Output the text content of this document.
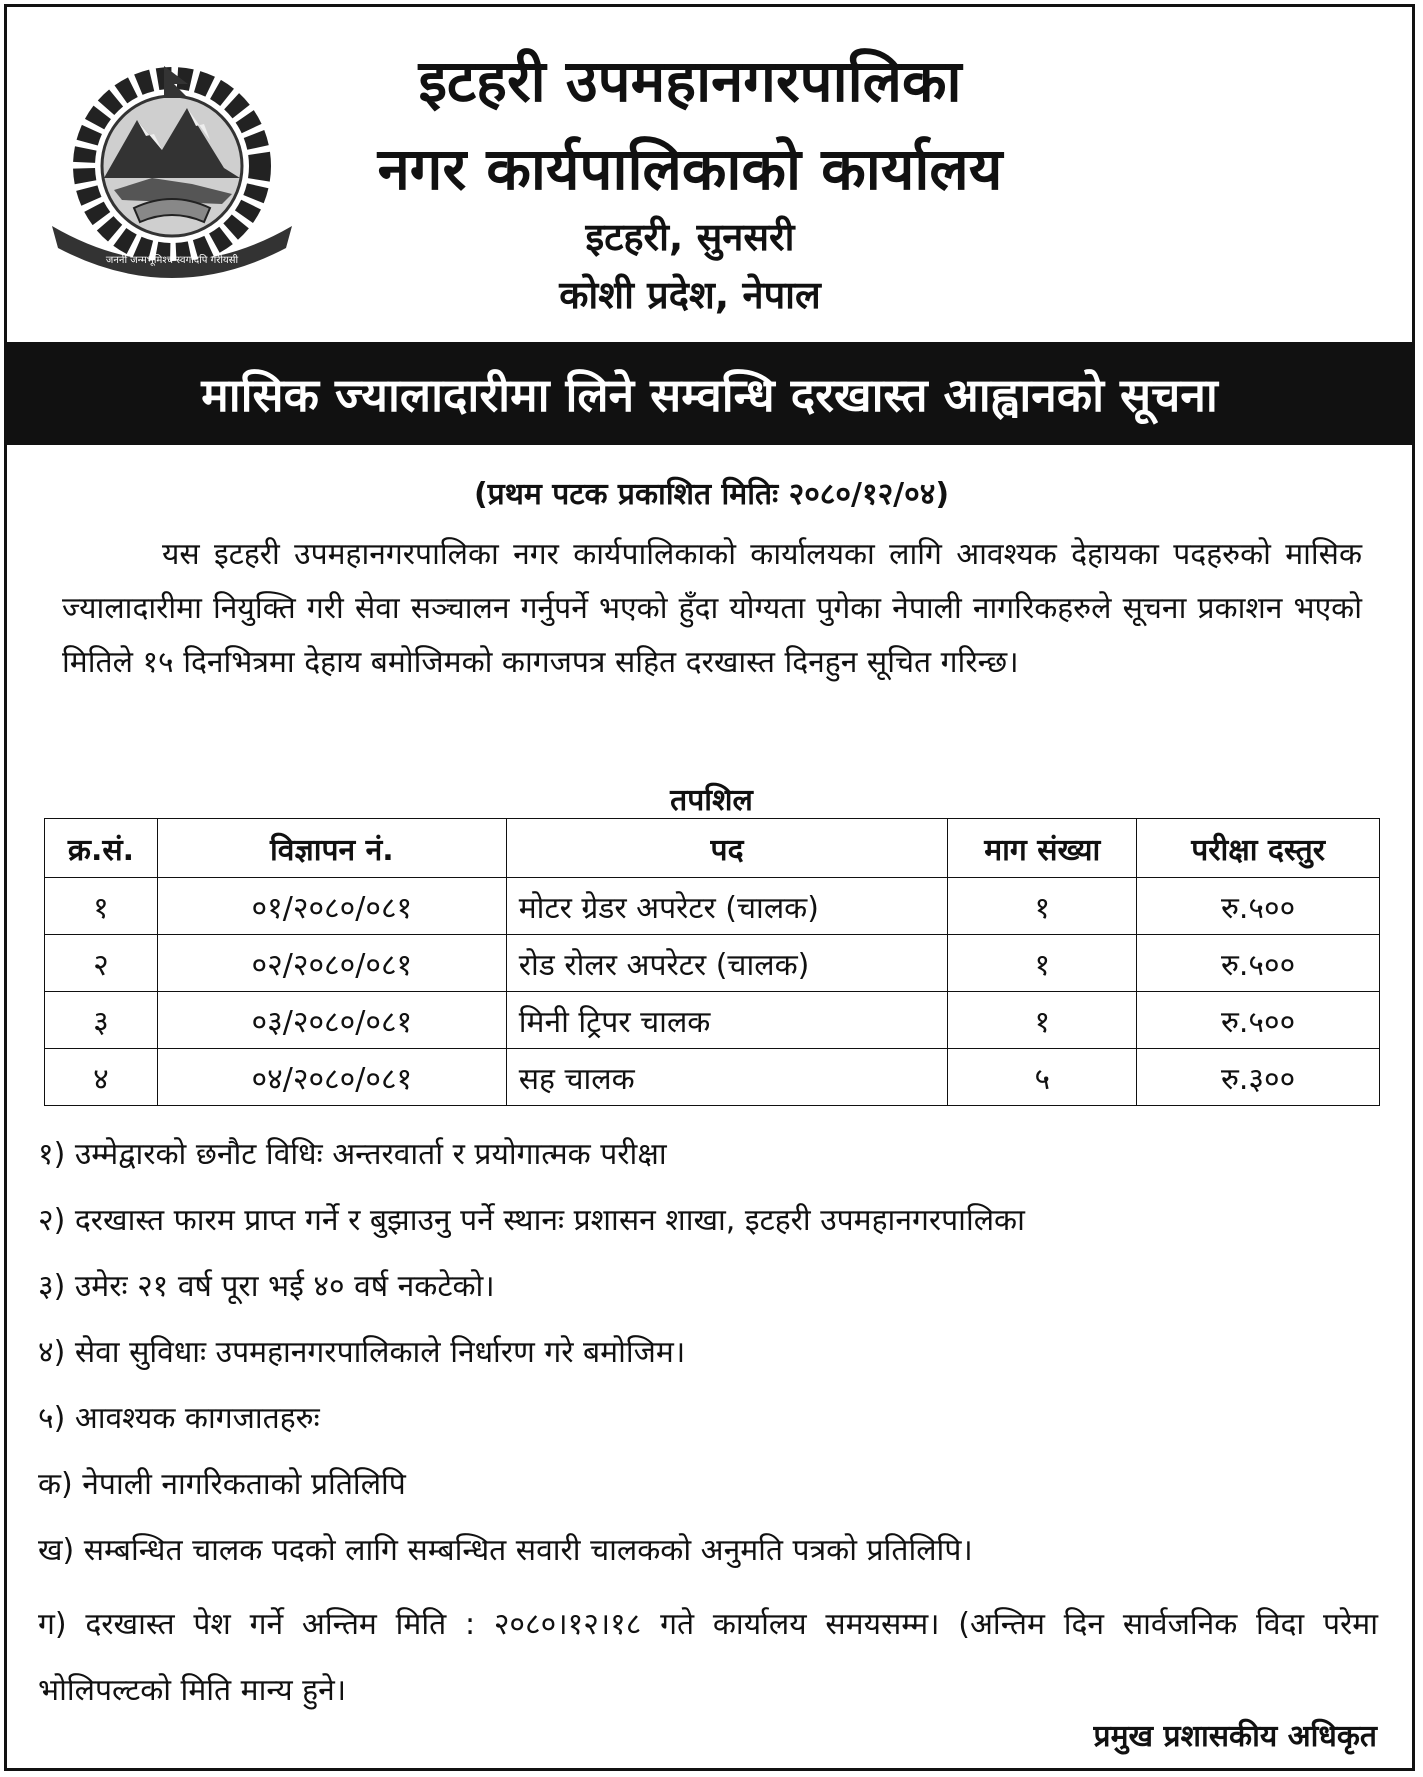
जननी जन्मभूमिश्च स्वर्गादपि गरीयसी
इटहरी उपमहानगरपालिका
नगर कार्यपालिकाको कार्यालय
इटहरी, सुनसरी
कोशी प्रदेश, नेपाल
मासिक ज्यालादारीमा लिने सम्वन्धि दरखास्त आह्वानको सूचना
(प्रथम पटक प्रकाशित मितिः २०८०/१२/०४)

यस इटहरी उपमहानगरपालिका नगर कार्यपालिकाको कार्यालयका लागि आवश्यक देहायका पदहरुको मासिक ज्यालादारीमा नियुक्ति गरी सेवा सञ्चालन गर्नुपर्ने भएको हुँदा योग्यता पुगेका नेपाली नागरिकहरुले सूचना प्रकाशन भएको मितिले १५ दिनभित्रमा देहाय बमोजिमको कागजपत्र सहित दरखास्त दिनहुन सूचित गरिन्छ।

तपशिल
क्र.सं.	विज्ञापन नं.	पद	माग संख्या	परीक्षा दस्तुर
१	०१/२०८०/०८१	मोटर ग्रेडर अपरेटर (चालक)	१	रु.५००
२	०२/२०८०/०८१	रोड रोलर अपरेटर (चालक)	१	रु.५००
३	०३/२०८०/०८१	मिनी ट्रिपर चालक	१	रु.५००
४	०४/२०८०/०८१	सह चालक	५	रु.३००
१) उम्मेद्वारको छनौट विधिः अन्तरवार्ता र प्रयोगात्मक परीक्षा
२) दरखास्त फारम प्राप्त गर्ने र बुझाउनु पर्ने स्थानः प्रशासन शाखा, इटहरी उपमहानगरपालिका
३) उमेरः २१ वर्ष पूरा भई ४० वर्ष नकटेको।
४) सेवा सुविधाः उपमहानगरपालिकाले निर्धारण गरे बमोजिम।
५) आवश्यक कागजातहरुः
क) नेपाली नागरिकताको प्रतिलिपि
ख) सम्बन्धित चालक पदको लागि सम्बन्धित सवारी चालकको अनुमति पत्रको प्रतिलिपि।
ग) दरखास्त पेश गर्ने अन्तिम मिति : २०८०।१२।१८ गते कार्यालय समयसम्म। (अन्तिम दिन सार्वजनिक विदा परेमा भोलिपल्टको मिति मान्य हुने।
प्रमुख प्रशासकीय अधिकृत
